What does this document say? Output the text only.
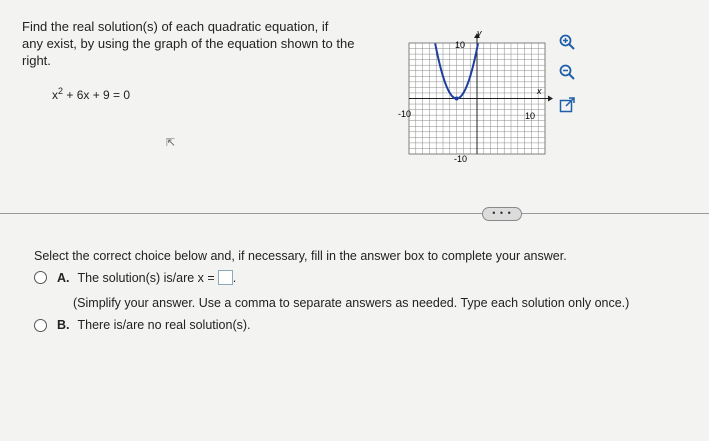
Find the real solution(s) of each quadratic equation, if
any exist, by using the graph of the equation shown to the
right.
$x^2 + 6x + 9 = 0$
⇱
y
x
10
-10	10
-10
• • •
Select the correct choice below and, if necessary, fill in the answer box to complete your answer.
A. The solution(s) is/are x = .
(Simplify your answer. Use a comma to separate answers as needed. Type each solution only once.)
B. There is/are no real solution(s).
